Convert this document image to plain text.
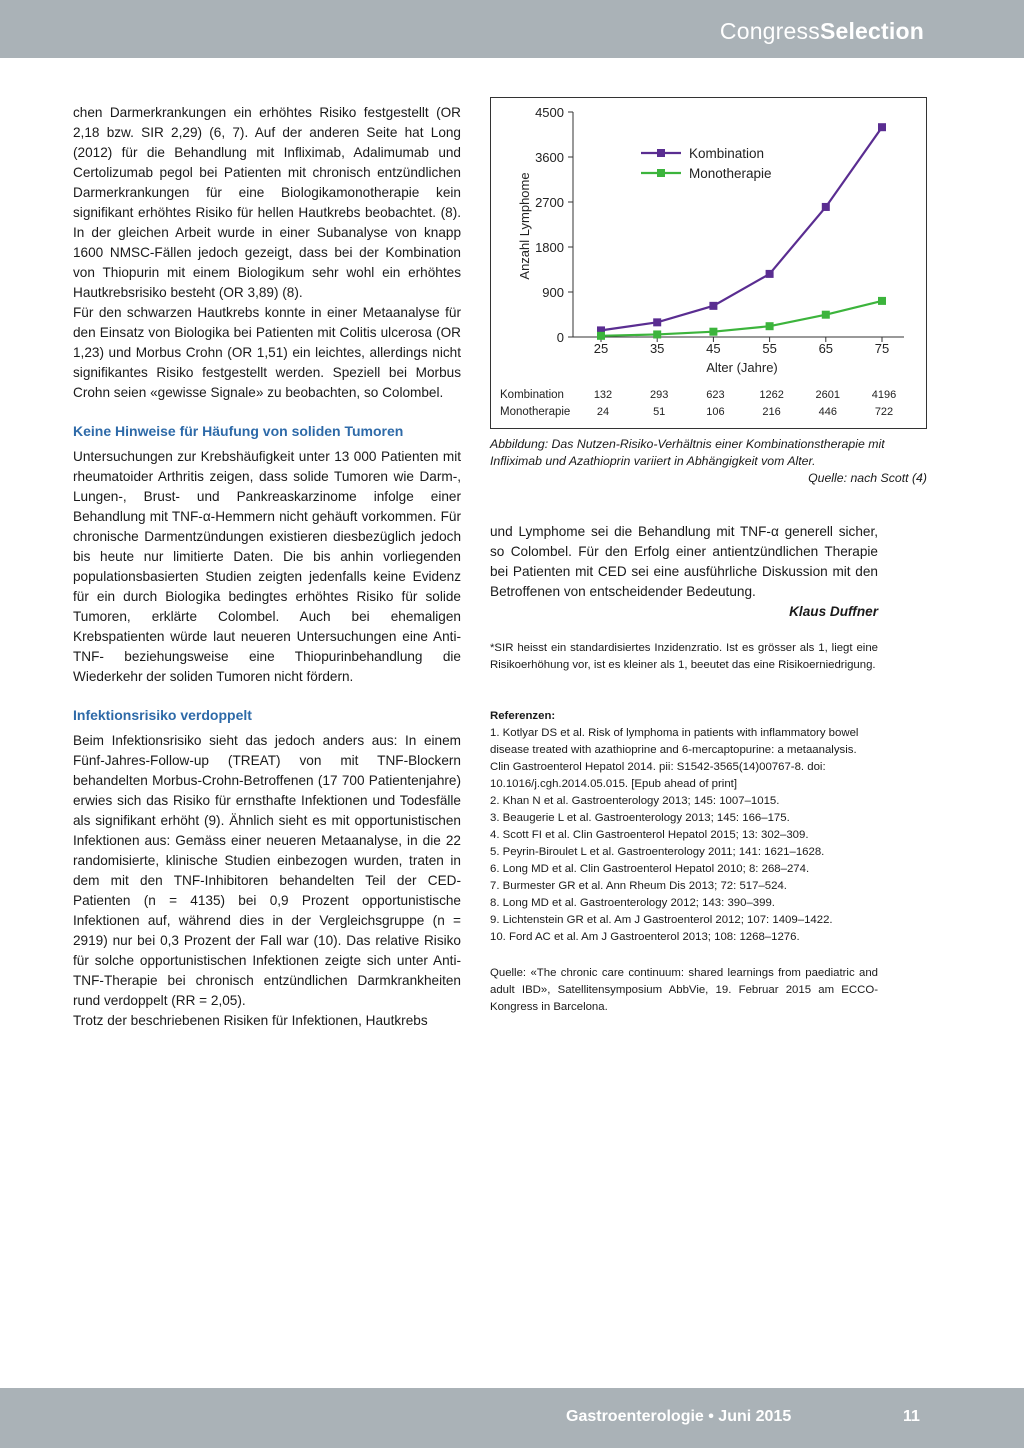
CongressSelection

chen Darmerkrankungen ein erhöhtes Risiko festgestellt (OR 2,18 bzw. SIR 2,29) (6, 7). Auf der anderen Seite hat Long (2012) für die Behandlung mit Infliximab, Adalimumab und Certolizumab pegol bei Patienten mit chronisch entzündlichen Darmerkrankungen für eine Biologikamonotherapie kein signifikant erhöhtes Risiko für hellen Hautkrebs beobachtet. (8). In der gleichen Arbeit wurde in einer Subanalyse von knapp 1600 NMSC-Fällen jedoch gezeigt, dass bei der Kombination von Thiopurin mit einem Biologikum sehr wohl ein erhöhtes Hautkrebsrisiko besteht (OR 3,89) (8).

Für den schwarzen Hautkrebs konnte in einer Metaanalyse für den Einsatz von Biologika bei Patienten mit Colitis ulcerosa (OR 1,23) und Morbus Crohn (OR 1,51) ein leichtes, allerdings nicht signifikantes Risiko festgestellt werden. Speziell bei Morbus Crohn seien «gewisse Signale» zu beobachten, so Colombel.

Keine Hinweise für Häufung von soliden Tumoren

Untersuchungen zur Krebshäufigkeit unter 13 000 Patienten mit rheumatoider Arthritis zeigen, dass solide Tumoren wie Darm-, Lungen-, Brust- und Pankreaskarzinome infolge einer Behandlung mit TNF-α-Hemmern nicht gehäuft vorkommen. Für chronische Darmentzündungen existieren diesbezüglich jedoch bis heute nur limitierte Daten. Die bis anhin vorliegenden populationsbasierten Studien zeigten jedenfalls keine Evidenz für ein durch Biologika bedingtes erhöhtes Risiko für solide Tumoren, erklärte Colombel. Auch bei ehemaligen Krebspatienten würde laut neueren Untersuchungen eine Anti-TNF- beziehungsweise eine Thiopurinbehandlung die Wiederkehr der soliden Tumoren nicht fördern.

Infektionsrisiko verdoppelt

Beim Infektionsrisiko sieht das jedoch anders aus: In einem Fünf-Jahres-Follow-up (TREAT) von mit TNF-Blockern behandelten Morbus-Crohn-Betroffenen (17 700 Patientenjahre) erwies sich das Risiko für ernsthafte Infektionen und Todesfälle als signifikant erhöht (9). Ähnlich sieht es mit opportunistischen Infektionen aus: Gemäss einer neueren Metaanalyse, in die 22 randomisierte, klinische Studien einbezogen wurden, traten in dem mit den TNF-Inhibitoren behandelten Teil der CED-Patienten (n = 4135) bei 0,9 Prozent opportunistische Infektionen auf, während dies in der Vergleichsgruppe (n = 2919) nur bei 0,3 Prozent der Fall war (10). Das relative Risiko für solche opportunistischen Infektionen zeigte sich unter Anti-TNF-Therapie bei chronisch entzündlichen Darmkrankheiten rund verdoppelt (RR = 2,05).

Trotz der beschriebenen Risiken für Infektionen, Hautkrebs

0
900
1800
2700
3600
4500
25	35	45	55	65	75
Anzahl Lymphome
Alter (Jahre)
Kombination
Monotherapie
Kombination	132	293	623	1262	2601	4196
Monotherapie 24	51	106	216	446	722
Abbildung: Das Nutzen-Risiko-Verhältnis einer Kombinationstherapie mit Infliximab und Azathioprin variiert in Abhängigkeit vom Alter.
Quelle: nach Scott (4)

und Lymphome sei die Behandlung mit TNF-α generell sicher, so Colombel. Für den Erfolg einer antientzündlichen Therapie bei Patienten mit CED sei eine ausführliche Diskussion mit den Betroffenen von entscheidender Bedeutung.

Klaus Duffner
*SIR heisst ein standardisiertes Inzidenzratio. Ist es grösser als 1, liegt eine Risikoerhöhung vor, ist es kleiner als 1, beeutet das eine Risikoerniedrigung.
Referenzen:
1. Kotlyar DS et al. Risk of lymphoma in patients with inflammatory bowel disease treated with azathioprine and 6-mercaptopurine: a metaanalysis. Clin Gastroenterol Hepatol 2014. pii: S1542-3565(14)00767-8. doi: 10.1016/j.cgh.2014.05.015. [Epub ahead of print]
2. Khan N et al. Gastroenterology 2013; 145: 1007–1015.
3. Beaugerie L et al. Gastroenterology 2013; 145: 166–175.
4. Scott FI et al. Clin Gastroenterol Hepatol 2015; 13: 302–309.
5. Peyrin-Biroulet L et al. Gastroenterology 2011; 141: 1621–1628.
6. Long MD et al. Clin Gastroenterol Hepatol 2010; 8: 268–274.
7. Burmester GR et al. Ann Rheum Dis 2013; 72: 517–524.
8. Long MD et al. Gastroenterology 2012; 143: 390–399.
9. Lichtenstein GR et al. Am J Gastroenterol 2012; 107: 1409–1422.
10. Ford AC et al. Am J Gastroenterol 2013; 108: 1268–1276.
Quelle: «The chronic care continuum: shared learnings from paediatric and adult IBD», Satellitensymposium AbbVie, 19. Februar 2015 am ECCO-Kongress in Barcelona.
Gastroenterologie • Juni 2015	11
